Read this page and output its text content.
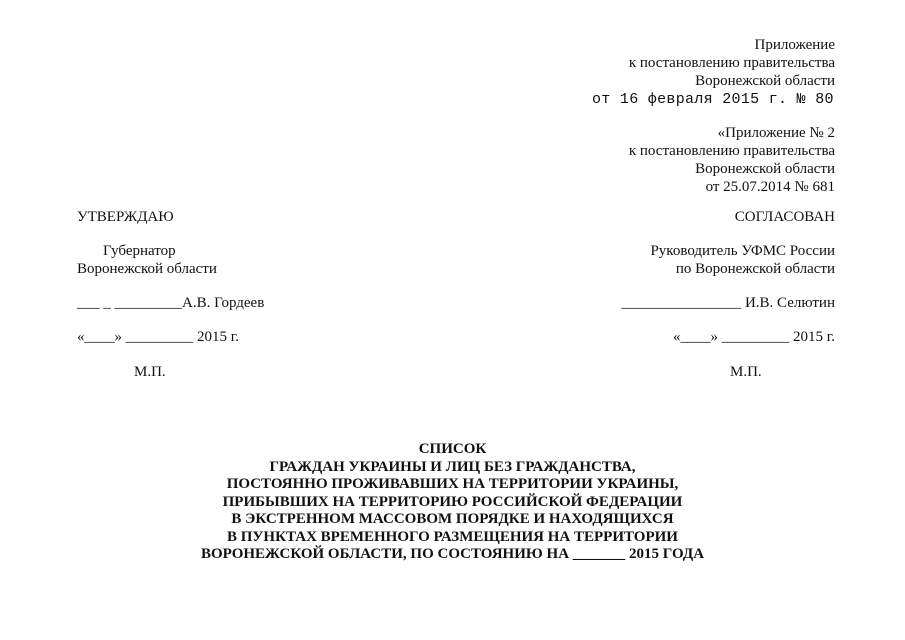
Приложение
к постановлению правительства
Воронежской области
от 16 февраля 2015 г. № 80
«Приложение № 2
к постановлению правительства
Воронежской области
от 25.07.2014 № 681
УТВЕРЖДАЮ
Губернатор
Воронежской области
___ _ _________А.В. Гордеев
«____» _________ 2015 г.
М.П.
СОГЛАСОВАН
Руководитель УФМС России
по Воронежской области
________________ И.В. Селютин
«____» _________ 2015 г.
М.П.
СПИСОК
ГРАЖДАН УКРАИНЫ И ЛИЦ БЕЗ ГРАЖДАНСТВА,
ПОСТОЯННО ПРОЖИВАВШИХ НА ТЕРРИТОРИИ УКРАИНЫ,
ПРИБЫВШИХ НА ТЕРРИТОРИЮ РОССИЙСКОЙ ФЕДЕРАЦИИ
В ЭКСТРЕННОМ МАССОВОМ ПОРЯДКЕ И НАХОДЯЩИХСЯ
В ПУНКТАХ ВРЕМЕННОГО РАЗМЕЩЕНИЯ НА ТЕРРИТОРИИ
ВОРОНЕЖСКОЙ ОБЛАСТИ, ПО СОСТОЯНИЮ НА _______ 2015 ГОДА
